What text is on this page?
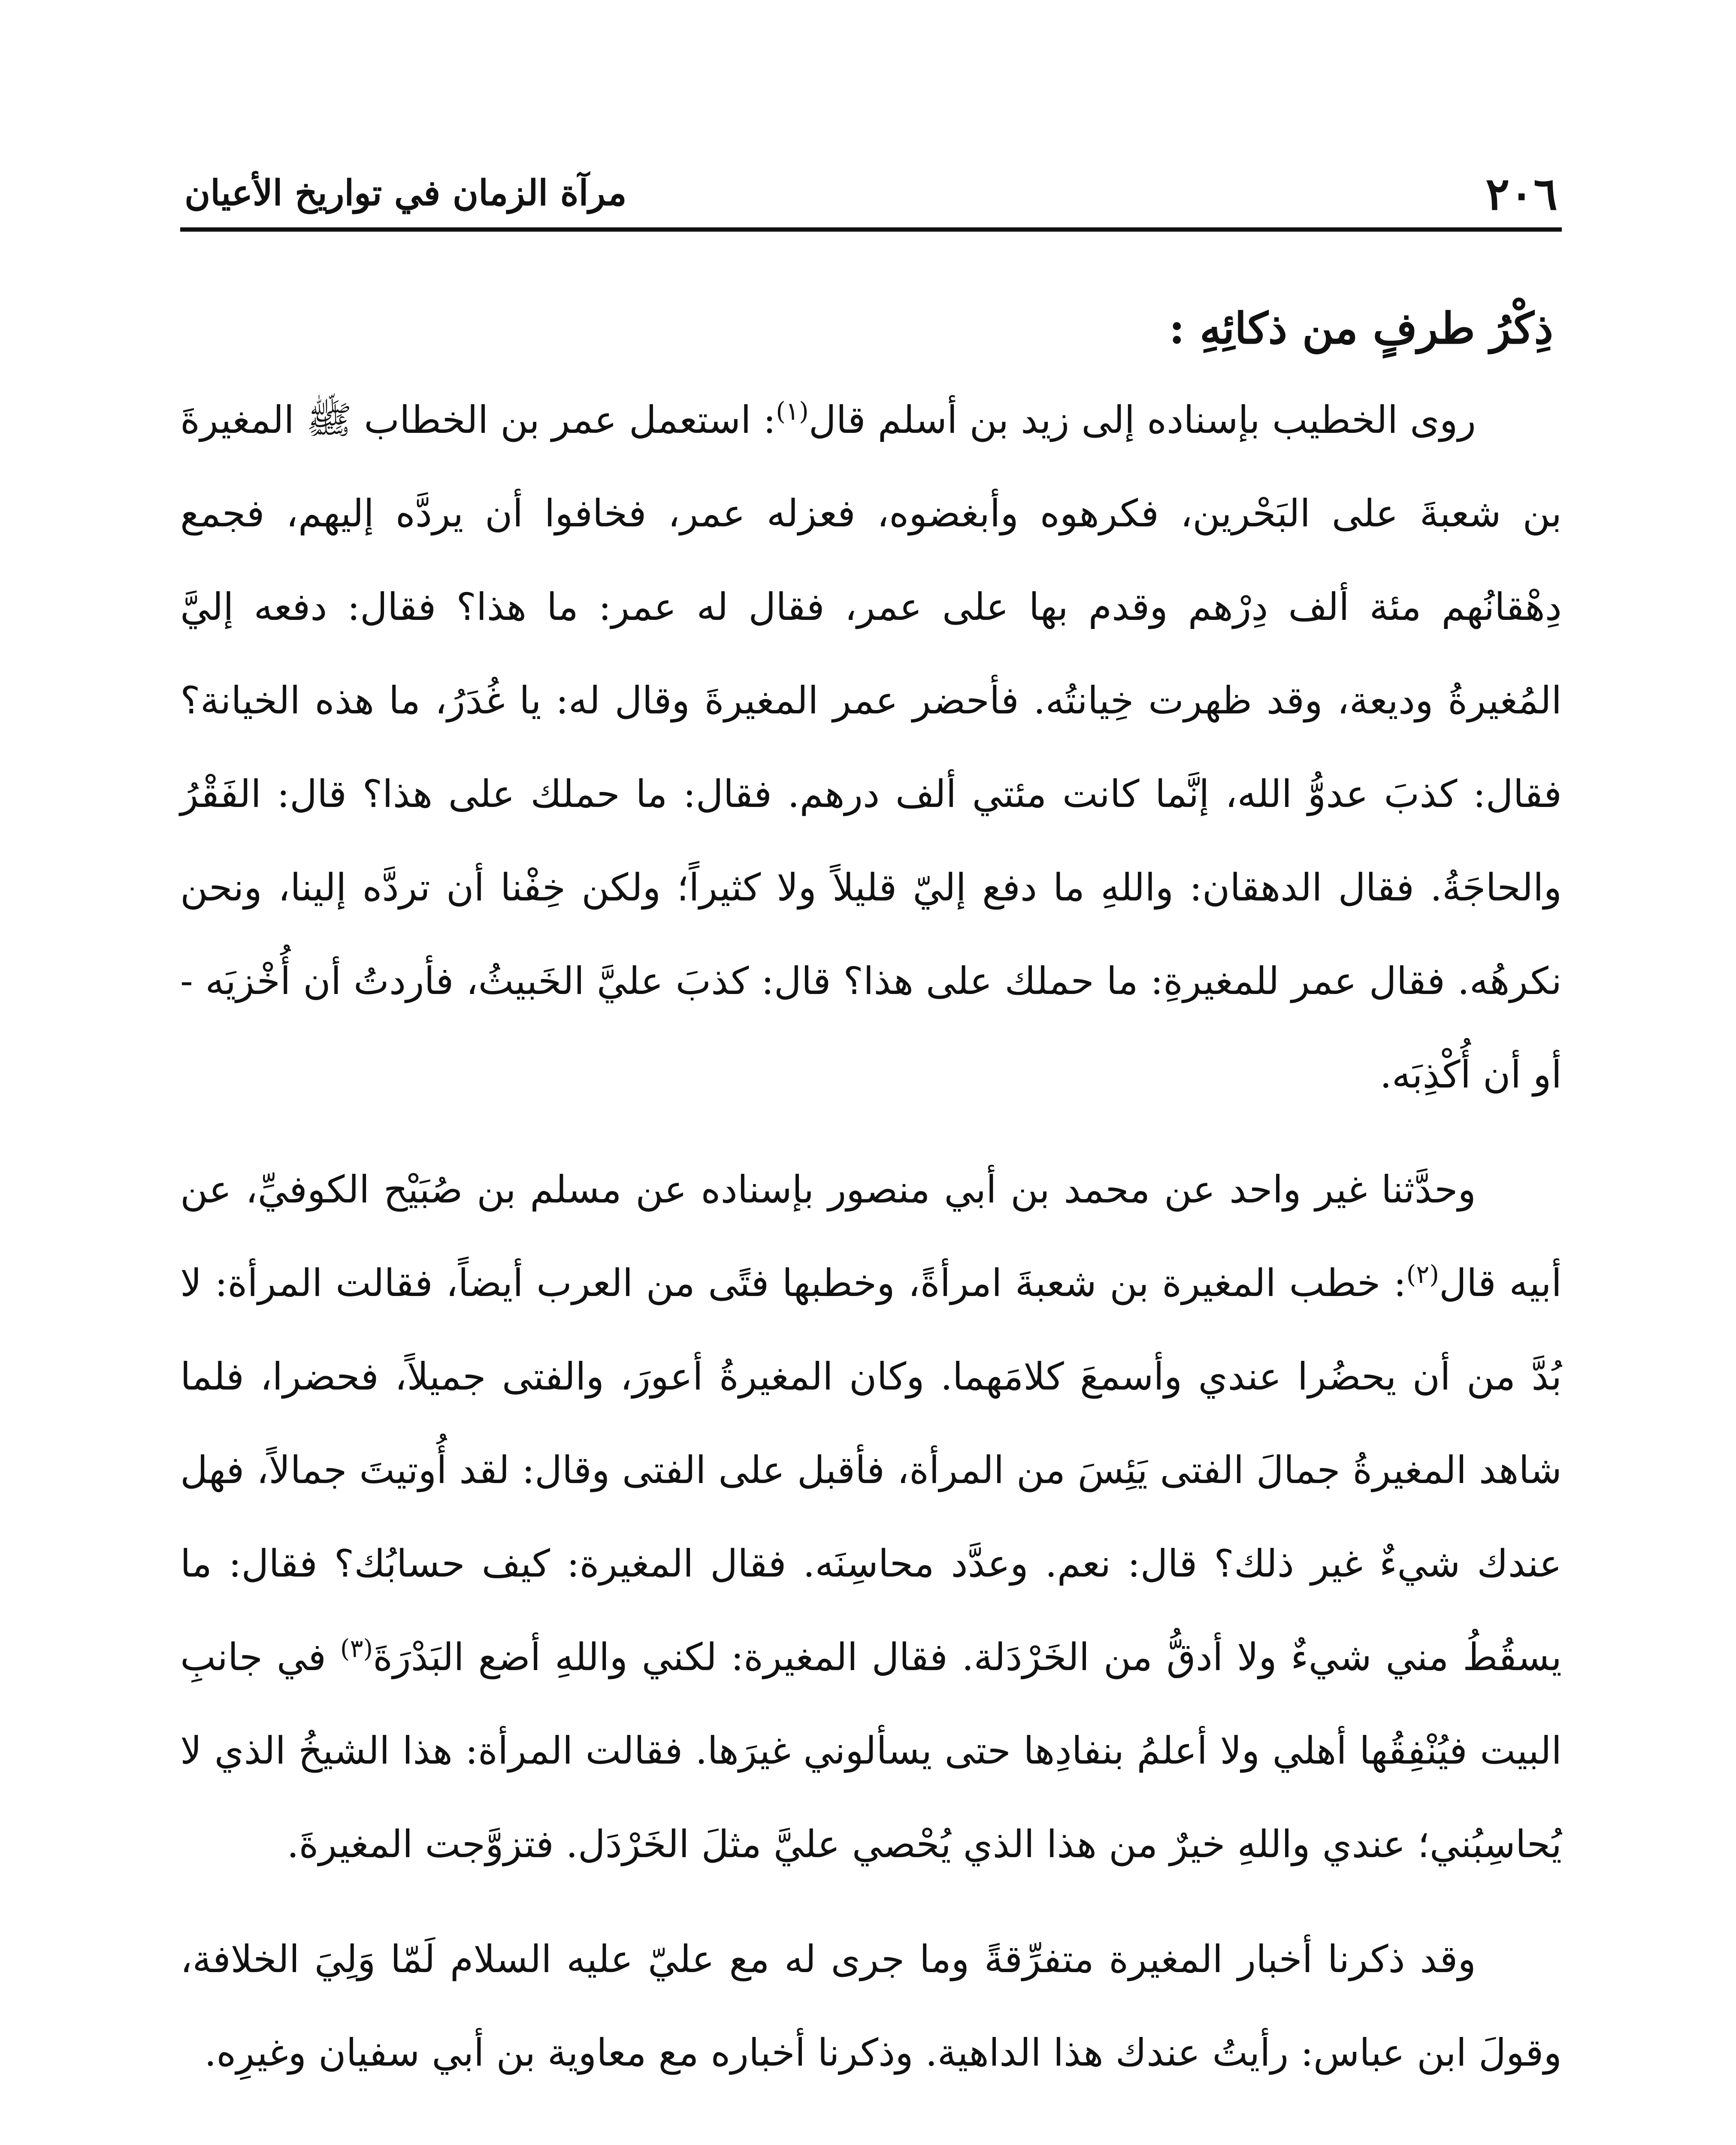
٢٠٦
مرآة الزمان في تواريخ الأعيان
ذِكْرُ طرفٍ من ذكائِهِ :

روى الخطيب بإسناده إلى زيد بن أسلم قال$^{(١)}$: استعمل عمر بن الخطاب ﷺ المغيرةَ بن شعبةَ على البَحْرين، فكرهوه وأبغضوه، فعزله عمر، فخافوا أن يردَّه إليهم، فجمع دِهْقانُهم مئة ألف دِرْهم وقدم بها على عمر، فقال له عمر: ما هذا؟ فقال: دفعه إليَّ المُغيرةُ وديعة، وقد ظهرت خِيانتُه. فأحضر عمر المغيرةَ وقال له: يا غُدَرُ، ما هذه الخيانة؟ فقال: كذبَ عدوُّ الله، إنَّما كانت مئتي ألف درهم. فقال: ما حملك على هذا؟ قال: الفَقْرُ والحاجَةُ. فقال الدهقان: واللهِ ما دفع إليّ قليلاً ولا كثيراً؛ ولكن خِفْنا أن تردَّه إلينا، ونحن نكرهُه. فقال عمر للمغيرةِ: ما حملك على هذا؟ قال: كذبَ عليَّ الخَبيثُ، فأردتُ أن أُخْزيَه - أو أن أُكْذِبَه.

وحدَّثنا غير واحد عن محمد بن أبي منصور بإسناده عن مسلم بن صُبَيْح الكوفيِّ، عن أبيه قال$^{(٢)}$: خطب المغيرة بن شعبةَ امرأةً، وخطبها فتًى من العرب أيضاً، فقالت المرأة: لا بُدَّ من أن يحضُرا عندي وأسمعَ كلامَهما. وكان المغيرةُ أعورَ، والفتى جميلاً، فحضرا، فلما شاهد المغيرةُ جمالَ الفتى يَئِسَ من المرأة، فأقبل على الفتى وقال: لقد أُوتيتَ جمالاً، فهل عندك شيءٌ غير ذلك؟ قال: نعم. وعدَّد محاسِنَه. فقال المغيرة: كيف حسابُك؟ فقال: ما يسقُطُ مني شيءٌ ولا أدقُّ من الخَرْدَلة. فقال المغيرة: لكني واللهِ أضع البَدْرَةَ$^{(٣)}$ في جانبِ البيت فيُنْفِقُها أهلي ولا أعلمُ بنفادِها حتى يسألوني غيرَها. فقالت المرأة: هذا الشيخُ الذي لا يُحاسِبُني؛ عندي واللهِ خيرٌ من هذا الذي يُحْصي عليَّ مثلَ الخَرْدَل. فتزوَّجت المغيرةَ.

وقد ذكرنا أخبار المغيرة متفرِّقةً وما جرى له مع عليّ عليه السلام لَمّا وَلِيَ الخلافة، وقولَ ابن عباس: رأيتُ عندك هذا الداهية. وذكرنا أخباره مع معاوية بن أبي سفيان وغيرِه.
